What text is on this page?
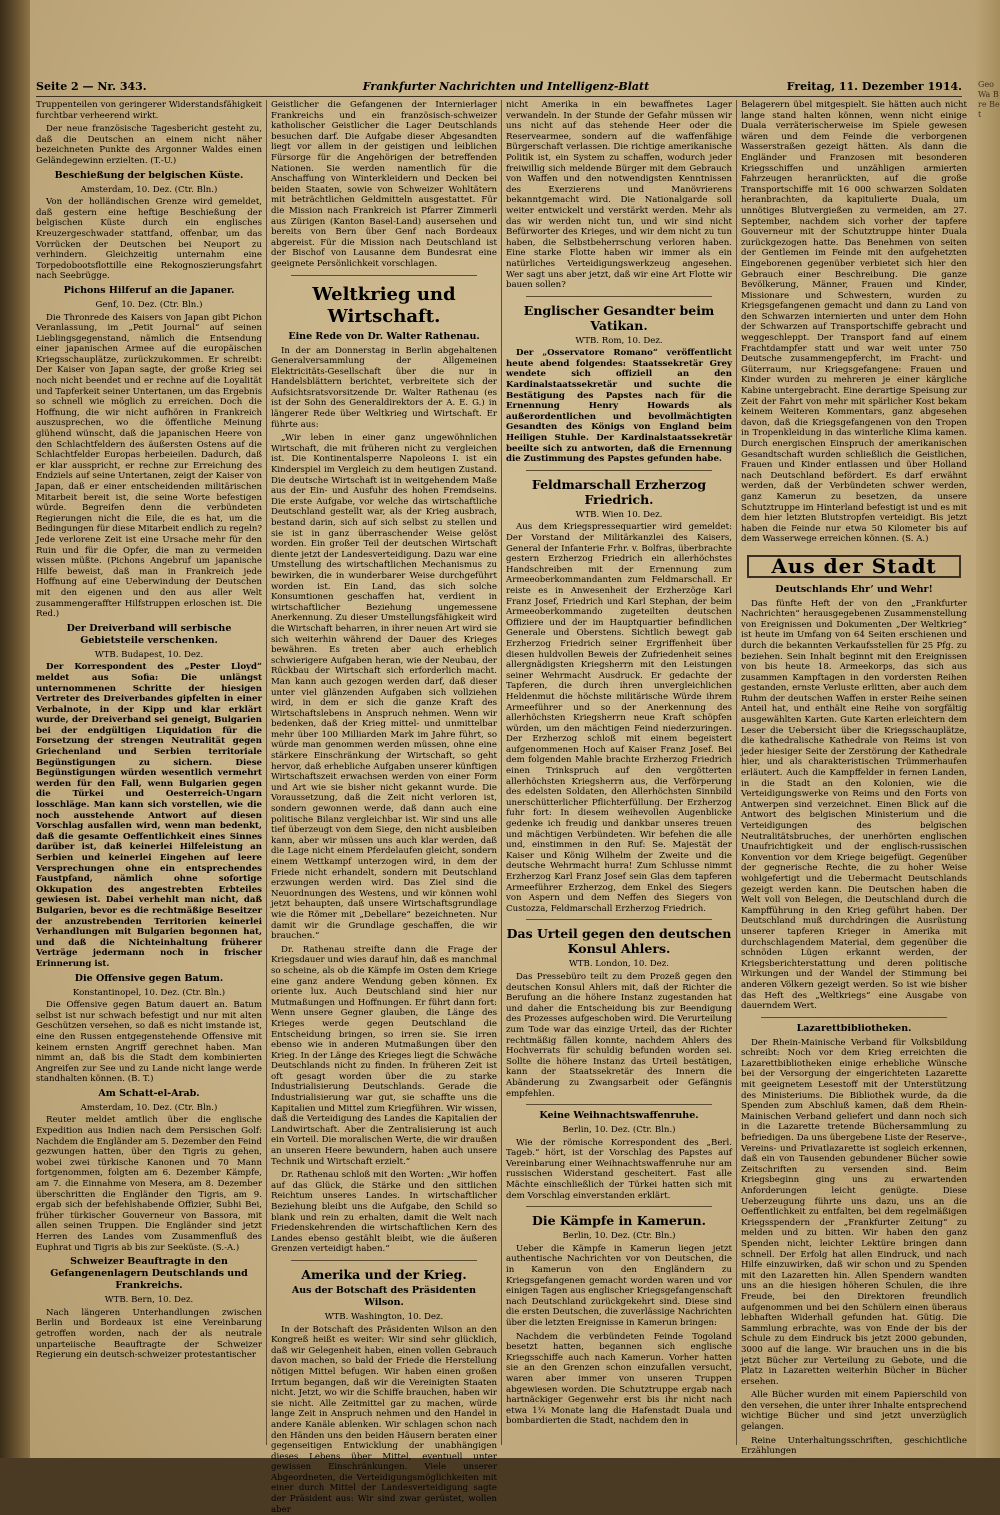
Seite 2 — Nr. 343.	Frankfurter Nachrichten und Intelligenz-Blatt	Freitag, 11. Dezember 1914.

Truppenteilen von geringerer Widerstandsfähigkeit furchtbar verheerend wirkt.

Der neue französische Tagesbericht gesteht zu, daß die Deutschen an einem nicht näher bezeichneten Punkte des Argonner Waldes einen Geländegewinn erzielten. (T.-U.)

Beschießung der belgischen Küste.
Amsterdam, 10. Dez. (Ctr. Bln.)

Von der holländischen Grenze wird gemeldet, daß gestern eine heftige Beschießung der belgischen Küste durch ein englisches Kreuzergeschwader stattfand, offenbar, um das Vorrücken der Deutschen bei Neuport zu verhindern. Gleichzeitig unternahm eine Torpedobootsflottille eine Rekognoszierungsfahrt nach Seebrügge.

Pichons Hilferuf an die Japaner.
Genf, 10. Dez. (Ctr. Bln.)

Die Thronrede des Kaisers von Japan gibt Pichon Veranlassung, im „Petit Journal“ auf seinen Lieblingsgegenstand, nämlich die Entsendung einer japanischen Armee auf die europäischen Kriegsschauplätze, zurückzukommen. Er schreibt: Der Kaiser von Japan sagte, der große Krieg sei noch nicht beendet und er rechne auf die Loyalität und Tapferkeit seiner Untertanen, um das Ergebnis so schnell wie möglich zu erreichen. Doch die Hoffnung, die wir nicht aufhören in Frankreich auszusprechen, wo die öffentliche Meinung glühend wünscht, daß die japanischen Heere von den Schlachtfeldern des äußersten Ostens auf die Schlachtfelder Europas herbeieilen. Dadurch, daß er klar ausspricht, er rechne zur Erreichung des Endziels auf seine Untertanen, zeigt der Kaiser von Japan, daß er einer entscheidenden militärischen Mitarbeit bereit ist, die seine Worte befestigen würde. Begreifen denn die verbündeten Regierungen nicht die Eile, die es hat, um die Bedingungen für diese Mitarbeit endlich zu regeln? Jede verlorene Zeit ist eine Ursache mehr für den Ruin und für die Opfer, die man zu vermeiden wissen müßte. (Pichons Angebruf um japanische Hilfe beweist, daß man in Frankreich jede Hoffnung auf eine Ueberwindung der Deutschen mit den eigenen und den aus aller Welt zusammengeraffter Hilfstruppen erloschen ist. Die Red.)

Der Dreiverband will serbische Gebietsteile verschenken.
WTB. Budapest, 10. Dez.

Der Korrespondent des „Pester Lloyd“ meldet aus Sofia: Die unlängst unternommenen Schritte der hiesigen Vertreter des Dreiverbandes gipfelten in einer Verbalnote, in der Kipp und klar erklärt wurde, der Dreiverband sei geneigt, Bulgarien bei der endgültigen Liquidation für die Forsetzung der strengen Neutralität gegen Griechenland und Serbien territoriale Begünstigungen zu sichern. Diese Begünstigungen würden wesentlich vermehrt werden für den Fall, wenn Bulgarien gegen die Türkei und Oesterreich-Ungarn losschläge. Man kann sich vorstellen, wie die noch ausstehende Antwort auf diesen Vorschlag ausfallen wird, wenn man bedenkt, daß die gesamte Oeffentlichkeit eines Sinnes darüber ist, daß keinerlei Hilfeleistung an Serbien und keinerlei Eingehen auf leere Versprechungen ohne ein entsprechendes Faustpfand, nämlich ohne sofortige Okkupation des angestrebten Erbteiles gewiesen ist. Dabei verhehlt man nicht, daß Bulgarien, bevor es die rechtmäßige Beseitzer der anzustrebenden Territorien keinerlei Verhandlungen mit Bulgarien begonnen hat, und daß die Nichteinhaltung früherer Verträge jedermann noch in frischer Erinnerung ist.

Die Offensive gegen Batum.
Konstantinopel, 10. Dez. (Ctr. Bln.)

Die Offensive gegen Batum dauert an. Batum selbst ist nur schwach befestigt und nur mit alten Geschützen versehen, so daß es nicht imstande ist, eine den Russen entgegenstehende Offensive mit keinem ernsten Angriff gerechnet haben. Man nimmt an, daß bis die Stadt dem kombinierten Angreifen zur See und zu Lande nicht lange werde standhalten können. (B. T.)

Am Schatt-el-Arab.
Amsterdam, 10. Dez. (Ctr. Bln.)

Reuter meldet amtlich über die englische Expedition aus Indien nach dem Persischen Golf: Nachdem die Engländer am 5. Dezember den Feind gezwungen hatten, über den Tigris zu gehen, wobei zwei türkische Kanonen und 70 Mann fortgenommen, folgten am 6. Dezember Kämpfe, am 7. die Einnahme von Mesera, am 8. Dezember überschritten die Engländer den Tigris, am 9. ergab sich der befehlshabende Offizier, Subhi Bei, früher türkischer Gouverneur von Bassora, mit allen seinen Truppen. Die Engländer sind jetzt Herren des Landes vom Zusammenfluß des Euphrat und Tigris ab bis zur Seeküste. (S.-A.)

Schweizer Beauftragte in den Gefangenenlagern Deutschlands und Frankreichs.
WTB. Bern, 10. Dez.

Nach längeren Unterhandlungen zwischen Berlin und Bordeaux ist eine Vereinbarung getroffen worden, nach der als neutrale unparteiische Beauftragte der Schweizer Regierung ein deutsch-schweizer protestantischer

Geistlicher die Gefangenen der Internierlager Frankreichs und ein französisch-schweizer katholischer Geistlicher die Lager Deutschlands besuchen darf. Die Aufgabe dieser Abgesandten liegt vor allem in der geistigen und leiblichen Fürsorge für die Angehörigen der betreffenden Nationen. Sie werden namentlich für die Anschaffung von Winterkleidern und Decken bei beiden Staaten, sowie von Schweizer Wohltätern mit beträchtlichen Geldmitteln ausgestattet. Für die Mission nach Frankreich ist Pfarrer Zimmerli aus Zürigen (Kanton Basel-Land) ausersehen und bereits von Bern über Genf nach Bordeaux abgereist. Für die Mission nach Deutschland ist der Bischof von Lausanne dem Bundesrat eine geeignete Persönlichkeit vorschlagen.

Weltkrieg und Wirtschaft.
Eine Rede von Dr. Walter Rathenau.

In der am Donnerstag in Berlin abgehaltenen Generalversammlung der Allgemeinen Elektricitäts-Gesellschaft über die nur in Handelsblättern berichtet, verbreitete sich der Aufsichtsratsvorsitzende Dr. Walter Rathenau (es ist der Sohn des Generaldirektors der A. E. G.) in längerer Rede über Weltkrieg und Wirtschaft. Er führte aus:

„Wir leben in einer ganz ungewöhnlichen Wirtschaft, die mit früheren nicht zu vergleichen ist. Die Kontinentalsperre Napoleons I. ist ein Kinderspiel im Vergleich zu dem heutigen Zustand. Die deutsche Wirtschaft ist in weitgehendem Maße aus der Ein- und Ausfuhr des hohen Fremdseins. Die erste Aufgabe, vor welche das wirtschaftliche Deutschland gestellt war, als der Krieg ausbrach, bestand darin, sich auf sich selbst zu stellen und sie ist in ganz überraschender Weise gelöst worden. Ein großer Teil der deutschen Wirtschaft diente jetzt der Landesverteidigung. Dazu war eine Umstellung des wirtschaftlichen Mechanismus zu bewirken, die in wunderbarer Weise durchgeführt worden ist. Ein Land, das sich solche Konsumtionen geschaffen hat, verdient in wirtschaftlicher Beziehung ungemessene Anerkennung. Zu dieser Umstellungsfähigkeit wird die Wirtschaft beharren, in ihrer neuen Art wird sie sich weiterhin während der Dauer des Krieges bewähren. Es treten aber auch erheblich schwierigere Aufgaben heran, wie der Neubau, der Rückbau der Wirtschaft sich erforderlich macht. Man kann auch gezogen werden darf, daß dieser unter viel glänzenden Aufgaben sich vollziehen wird, in dem er sich die ganze Kraft des Wirtschaftslebens in Anspruch nehmen. Wenn wir bedenken, daß der Krieg mittel- und unmittelbar mehr über 100 Milliarden Mark im Jahre führt, so würde man genommen werden müssen, ohne eine stärkere Einschränkung der Wirtschaft, so geht hervor, daß erhebliche Aufgaben unserer künftigen Wirtschaftszeit erwachsen werden von einer Form und Art wie sie bisher nicht gekannt wurde. Die Voraussetzung, daß die Zeit nicht verloren ist, sondern gewonnen werde, daß dann auch eine politische Bilanz vergleichbar ist. Wir sind uns alle tief überzeugt von dem Siege, den nicht ausbleiben kann, aber wir müssen uns auch klar werden, daß die Lage nicht einem Pferdelaufen gleicht, sondern einem Wettkampf unterzogen wird, in dem der Friede nicht erhandelt, sondern mit Deutschland erzwungen werden wird. Das Ziel sind die Neuordnungen des Westens, und wir können wohl jetzt behaupten, daß unsere Wirtschaftsgrundlage wie die Römer mit „Debellare“ bezeichneten. Nur damit wir die Grundlage geschaffen, die wir brauchen.“

Dr. Rathenau streifte dann die Frage der Kriegsdauer und wies darauf hin, daß es manchmal so scheine, als ob die Kämpfe im Osten dem Kriege eine ganz andere Wendung geben können. Ex oriente lux. Auch Deutschland sind hier nur Mutmaßungen und Hoffnungen. Er führt dann fort: Wenn unsere Gegner glauben, die Länge des Krieges werde gegen Deutschland die Entscheidung bringen, so irren sie. Sie irren ebenso wie in anderen Mutmaßungen über den Krieg. In der Länge des Krieges liegt die Schwäche Deutschlands nicht zu finden. In früheren Zeit ist oft gesagt worden über die zu starke Industrialisierung Deutschlands. Gerade die Industrialisierung war gut, sie schaffte uns die Kapitalien und Mittel zum Kriegführen. Wir wissen, daß die Verteidigung des Landes die Kapitalien der Landwirtschaft. Aber die Zentralisierung ist auch ein Vorteil. Die moralischen Werte, die wir draußen an unseren Heere bewundern, haben auch unsere Technik und Wirtschaft erzielt.“

Dr. Rathenau schloß mit den Worten: „Wir hoffen auf das Glück, die Stärke und den sittlichen Reichtum unseres Landes. In wirtschaftlicher Beziehung bleibt uns die Aufgabe, den Schild so blank und rein zu erhalten, damit die Welt nach Friedenskehrenden die wirtschaftlichen Kern des Landes ebenso gestählt bleibt, wie die äußeren Grenzen verteidigt haben.“

Amerika und der Krieg.
Aus der Botschaft des Präsidenten Wilson.
WTB. Washington, 10. Dez.

In der Botschaft des Präsidenten Wilson an den Kongreß heißt es weiter: Wir sind sehr glücklich, daß wir Gelegenheit haben, einen vollen Gebrauch davon machen, so bald der Friede die Herstellung nötigen Mittel befugen. Wir haben einen großen Irrtum begangen, daß wir die Vereinigten Staaten nicht. Jetzt, wo wir die Schiffe brauchen, haben wir sie nicht. Alle Zeitmittel gar zu machen, würde lange Zeit in Anspruch nehmen und den Handel in andere Kanäle ablenken. Wir schlagen schon nach den Händen uns den beiden Häusern beraten einer gegenseitigen Entwicklung der unabhängigen dieses Lebens über Mittel, eventuell unter gewissen Einschränkungen. Viele unserer Abgeordneten, die Verteidigungsmöglichkeiten mit einer durch Mittel der Landesverteidigung sagte der Präsident aus: Wir sind zwar gerüstet, wollen aber

nicht Amerika in ein bewaffnetes Lager verwandeln. In der Stunde der Gefahr müssen wir uns nicht auf das stehende Heer oder die Reservearmee, sondern auf die waffenfähige Bürgerschaft verlassen. Die richtige amerikanische Politik ist, ein System zu schaffen, wodurch jeder freiwillig sich meldende Bürger mit dem Gebrauch von Waffen und den notwendigsten Kenntnissen des Exerzierens und Manövrierens bekanntgemacht wird. Die Nationalgarde soll weiter entwickelt und verstärkt werden. Mehr als das wir werden nicht tun, und wir sind nicht Befürworter des Krieges, und wir dem nicht zu tun haben, die Selbstbeherrschung verloren haben. Eine starke Flotte haben wir immer als ein natürliches Verteidigungswerkzeug angesehen. Wer sagt uns aber jetzt, daß wir eine Art Flotte wir bauen sollen?

Englischer Gesandter beim Vatikan.
WTB. Rom, 10. Dez.

Der „Osservatore Romano“ veröffentlicht heute abend folgendes: Staatssekretär Grey wendete sich offiziell an den Kardinalstaatssekretär und suchte die Bestätigung des Papstes nach für die Ernennung Henry Howards als außerordentlichen und bevollmächtigten Gesandten des Königs von England beim Heiligen Stuhle. Der Kardinalstaatssekretär beeilte sich zu antworten, daß die Ernennung die Zustimmung des Papstes gefunden habe.

Feldmarschall Erzherzog Friedrich.
WTB. Wien 10. Dez.

Aus dem Kriegspressequartier wird gemeldet: Der Vorstand der Militärkanzlei des Kaisers, General der Infanterie Frhr. v. Bolfras, überbrachte gestern Erzherzog Friedrich ein allerhöchstes Handschreiben mit der Ernennung zum Armeeoberkommandanten zum Feldmarschall. Er reiste es in Anwesenheit der Erzherzöge Karl Franz Josef, Friedrich und Karl Stephan, der beim Armeeoberkommando zugeteilten deutschen Offiziere und der im Hauptquartier befindlichen Generale und Oberstens. Sichtlich bewegt gab Erzherzog Friedrich seiner Ergriffenheit über diesen huldvollen Beweis der Zufriedenheit seines allergnädigsten Kriegsherrn mit den Leistungen seiner Wehrmacht Ausdruck. Er gedachte der Tapferen, die durch ihren unvergleichlichen Heldenmut die höchste militärische Würde ihrem Armeeführer und so der Anerkennung des allerhöchsten Kriegsherrn neue Kraft schöpfen würden, um den mächtigen Feind niederzuringen. Der Erzherzog schloß mit einem begeistert aufgenommenen Hoch auf Kaiser Franz Josef. Bei dem folgenden Mahle brachte Erzherzog Friedrich einen Trinkspruch auf den vergötterten allerhöchsten Kriegsherrn aus, die Verförperung des edelsten Soldaten, den Allerhöchsten Sinnbild unerschütterlicher Pflichterfüllung. Der Erzherzog fuhr fort: In diesem weihevollen Augenblicke gedenke ich freudig und dankbar unseres treuen und mächtigen Verbündeten. Wir befehen die alle und, einstimmen in den Ruf: Se. Majestät der Kaiser und König Wilhelm der Zweite und die deutsche Wehrmacht hurra! Zum Schlusse nimmt Erzherzog Karl Franz Josef sein Glas dem tapferen Armeeführer Erzherzog, dem Enkel des Siegers von Aspern und dem Neffen des Siegers von Custozza, Feldmarschall Erzherzog Friedrich.

Das Urteil gegen den deutschen Konsul Ahlers.
WTB. London, 10. Dez.

Das Pressebüro teilt zu dem Prozeß gegen den deutschen Konsul Ahlers mit, daß der Richter die Berufung an die höhere Instanz zugestanden hat und daher die Entscheidung bis zur Beendigung des Prozesses aufgeschoben wird. Die Verurteilung zum Tode war das einzige Urteil, das der Richter rechtmäßig fällen konnte, nachdem Ahlers des Hochverrats für schuldig befunden worden sei. Sollte die höhere Instanz das Urteil bestätigen, kann der Staatssekretär des Innern die Abänderung zu Zwangsarbeit oder Gefängnis empfehlen.

Keine Weihnachtswaffenruhe.
Berlin, 10. Dez. (Ctr. Bln.)

Wie der römische Korrespondent des „Berl. Tageb.“ hört, ist der Vorschlag des Papstes auf Vereinbarung einer Weihnachtswaffenruhe nur am russischen Widerstand gescheitert. Fast alle Mächte einschließlich der Türkei hatten sich mit dem Vorschlag einverstanden erklärt.

Die Kämpfe in Kamerun.
Berlin, 10. Dez. (Ctr. Bln.)

Ueber die Kämpfe in Kamerun liegen jetzt authentische Nachrichten vor von Deutschen, die in Kamerun von den Engländern zu Kriegsgefangenen gemacht worden waren und vor einigen Tagen aus englischer Kriegsgefangenschaft nach Deutschland zurückgekehrt sind. Diese sind die ersten Deutschen, die zuverlässige Nachrichten über die letzten Ereignisse in Kamerun bringen:

Nachdem die verbündeten Feinde Togoland besetzt hatten, begannen sich englische Kriegsschiffe auch nach Kamerun. Vorher hatten sie an den Grenzen schon einzufallen versucht, waren aber immer von unseren Truppen abgewiesen worden. Die Schutztruppe ergab nach hartnäckiger Gegenwehr erst bis ihr nicht nach etwa 1¼ Monate lang die Hafenstadt Duala und bombardierten die Stadt, nachdem den in

Belagerern übel mitgespielt. Sie hätten auch nicht lange stand halten können, wenn nicht einige Duala verräterischerweise im Spiele gewesen wären und dem Feinde die verborgenen Wasserstraßen gezeigt hätten. Als dann die Engländer und Franzosen mit besonderen Kriegsschiffen und unzähligen armierten Fahrzeugen heranrückten, auf die große Transportschiffe mit 16 000 schwarzen Soldaten heranbrachten, da kapitulierte Duala, um unnötiges Blutvergießen zu vermeiden, am 27. September, nachdem sich vorher der tapfere Gouverneur mit der Schutztruppe hinter Duala zurückgezogen hatte. Das Benehmen von seiten der Gentlemen im Feinde mit den aufgehetzten Eingeborenen gegenüber verbietet sich hier den Gebrauch einer Beschreibung. Die ganze Bevölkerung, Männer, Frauen und Kinder, Missionare und Schwestern, wurden zu Kriegsgefangenen gemacht und dann zu Land von den Schwarzen internierten und unter dem Hohn der Schwarzen auf Transportschiffe gebracht und weggeschleppt. Der Transport fand auf einem Frachtdampfer statt und war weit unter 750 Deutsche zusammengepfercht, im Fracht- und Güterraum, nur Kriegsgefangene: Frauen und Kinder wurden zu mehreren je einer kärgliche Kabine untergebracht. Eine derartige Speisung zur Zeit der Fahrt von mehr mit spärlicher Kost bekam keinem Weiteren Kommentars, ganz abgesehen davon, daß die Kriegsgefangenen von den Tropen in Tropenkleidung in das winterliche Klima kamen. Durch energischen Einspruch der amerikanischen Gesandtschaft wurden schließlich die Geistlichen, Frauen und Kinder entlassen und über Holland nach Deutschland befördert. Es darf erwähnt werden, daß der Verbündeten schwer werden, ganz Kamerun zu besetzen, da unsere Schutztruppe im Hinterland befestigt ist und es mit dem hier letzten Blutstropfen verteidigt. Bis jetzt haben die Feinde nur etwa 50 Kilometer bis auf dem Wasserwege erreichen können. (S. A.)

Aus der Stadt
Deutschlands Ehr’ und Wehr!

Das fünfte Heft der von den „Frankfurter Nachrichten“ herausgegebenen Zusammenstellung von Ereignissen und Dokumenten „Der Weltkrieg“ ist heute im Umfang von 64 Seiten erschienen und durch die bekannten Verkaufsstellen für 25 Pfg. zu beziehen. Sein Inhalt beginnt mit den Ereignissen von bis heute 18. Armeekorps, das sich aus zusammen Kampftagen in den vordersten Reihen gestanden, ernste Verluste erlitten, aber auch dem Ruhm der deutschen Waffen in erster Reihe seinen Anteil hat, und enthält eine Reihe von sorgfältig ausgewählten Karten. Gute Karten erleichtern dem Leser die Uebersicht über die Kriegsschauplätze, die kathedralische Kathedrale von Reims ist von jeder hiesiger Seite der Zerstörung der Kathedrale hier, und als charakteristischen Trümmerhaufen erläutert. Auch die Kampffelder in fernen Landen, in die Stadt an den Kolonien, wie die Verteidigungswerke von Reims und den Forts von Antwerpen sind verzeichnet. Einen Blick auf die Antwort des belgischen Ministerium und die Verteidigungen des belgischen Neutralitätsbruches, der unerhörten englischen Unaufrichtigkeit und der englisch-russischen Konvention vor dem Kriege beigefügt. Gegenüber der gegnerische Rechte, die zu hoher Weise wohlgefertigt und die Uebermacht Deutschlands gezeigt werden kann. Die Deutschen haben die Welt voll von Belegen, die Deutschland durch die Kampfführung in den Krieg geführt haben. Der Deutschland muß durchdringen die Ausrüstung unserer tapferen Krieger in Amerika mit durchschlagendem Material, dem gegenüber die schnöden Lügen erkannt werden, der Kriegsberichterstattung und deren politische Wirkungen und der Wandel der Stimmung bei anderen Völkern gezeigt werden. So ist wie bisher das Heft des „Weltkriegs“ eine Ausgabe von dauerndem Wert.

Lazarettbibliotheken.

Der Rhein-Mainische Verband für Volksbildung schreibt: Noch vor dem Krieg erreichten die Lazarettbibliotheken einige erhebliche Wünsche bei der Versorgung der eingerichteten Lazarette mit geeignetem Lesestoff mit der Unterstützung des Ministeriums. Die Bibliothek wurde, da die Spenden zum Abschluß kamen, daß dem Rhein-Mainischen Verband geliefert und dann noch sich in die Lazarette tretende Büchersammlung zu befriedigen. Da uns übergebene Liste der Reserve-, Vereins- und Privatlazarette ist sogleich erkennen, daß ein von Tausenden gebundener Bücher sowie Zeitschriften zu versenden sind. Beim Kriegsbeginn ging uns zu erwartenden Anforderungen leicht genügte. Diese Ueberzeugung führte uns dazu, uns an die Oeffentlichkeit zu entfalten, bei dem regelmäßigen Kriegsspendern der „Frankfurter Zeitung“ zu melden und zu bitten. Wir haben den ganz Spenden nicht, leichter Lektüre bringen dann schnell. Der Erfolg hat allen Eindruck, und nach Hilfe einzuwirken, daß wir schon und zu Spenden mit den Lazaretten hin. Allen Spendern wandten uns an die hiesigen höheren Schulen, die ihre Freude, bei den Direktoren freundlich aufgenommen und bei den Schülern einen überaus lebhaften Widerhall gefunden hat. Gütig. Die Sammlung erbrachte, was von Ende der bis der Schule zu dem Eindruck bis jetzt 2000 gebunden, 3000 auf die lange. Wir brauchen uns in die bis jetzt Bücher zur Verteilung zu Gebote, und die Platz in Lazaretten weiterhin Bücher in Bücher ersehen.

Alle Bücher wurden mit einem Papierschild von den versehen, die unter ihrer Inhalte entsprechend wichtige Bücher und sind jetzt unverzüglich gelangen.

Reine Unterhaltungsschriften, geschichtliche Erzählungen

Geo Wa Bre Bet
